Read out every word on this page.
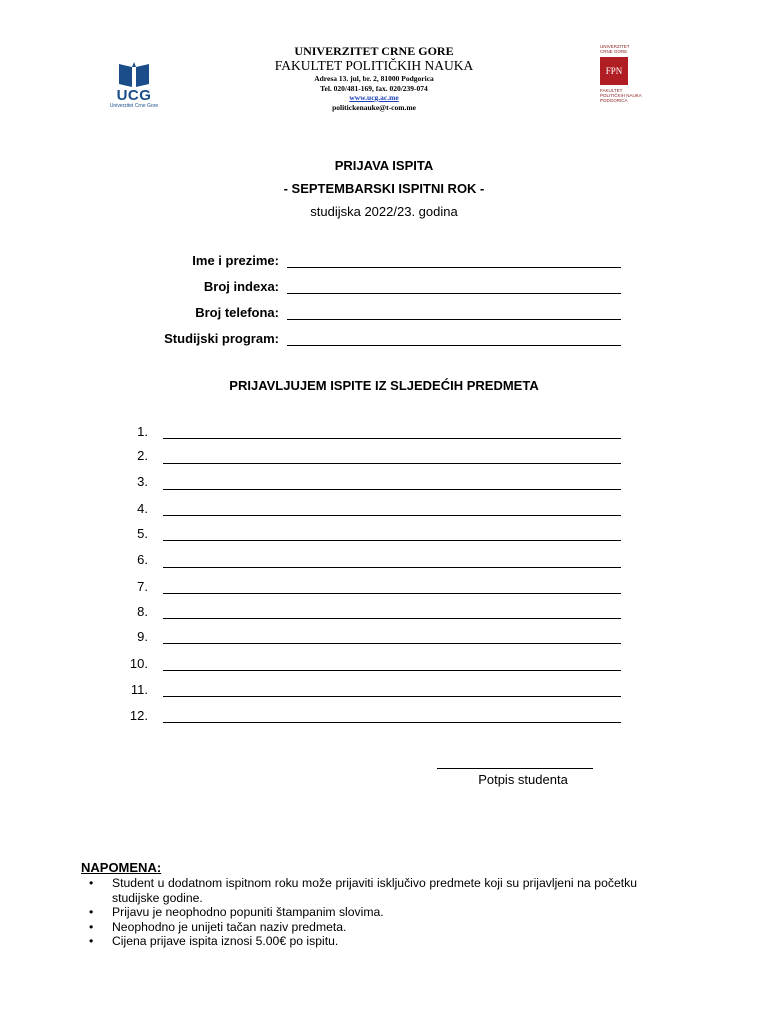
UCG
Univerzitet Crne Gore
UNIVERZITET CRNE GORE
FAKULTET POLITIČKIH NAUKA
Adresa 13. jul, br. 2, 81000 Podgorica
Tel. 020/481-169, fax. 020/239-074
www.ucg.ac.me
politickenauke@t-com.me
UNIVERZITET CRNE GORE
FPN
FAKULTET POLITIČKIH NAUKA PODGORICA
PRIJAVA ISPITA
- SEPTEMBARSKI ISPITNI ROK -
studijska 2022/23. godina
Ime i prezime:
Broj indexa:
Broj telefona:
Studijski program:
PRIJAVLJUJEM ISPITE IZ SLJEDEĆIH PREDMETA
1.
2.
3.
4.
5.
6.
7.
8.
9.
10.
11.
12.
Potpis studenta
NAPOMENA:
• Student u dodatnom ispitnom roku može prijaviti isključivo predmete koji su prijavljeni na početku studijske godine.
• Prijavu je neophodno popuniti štampanim slovima.
• Neophodno je unijeti tačan naziv predmeta.
• Cijena prijave ispita iznosi 5.00€ po ispitu.
